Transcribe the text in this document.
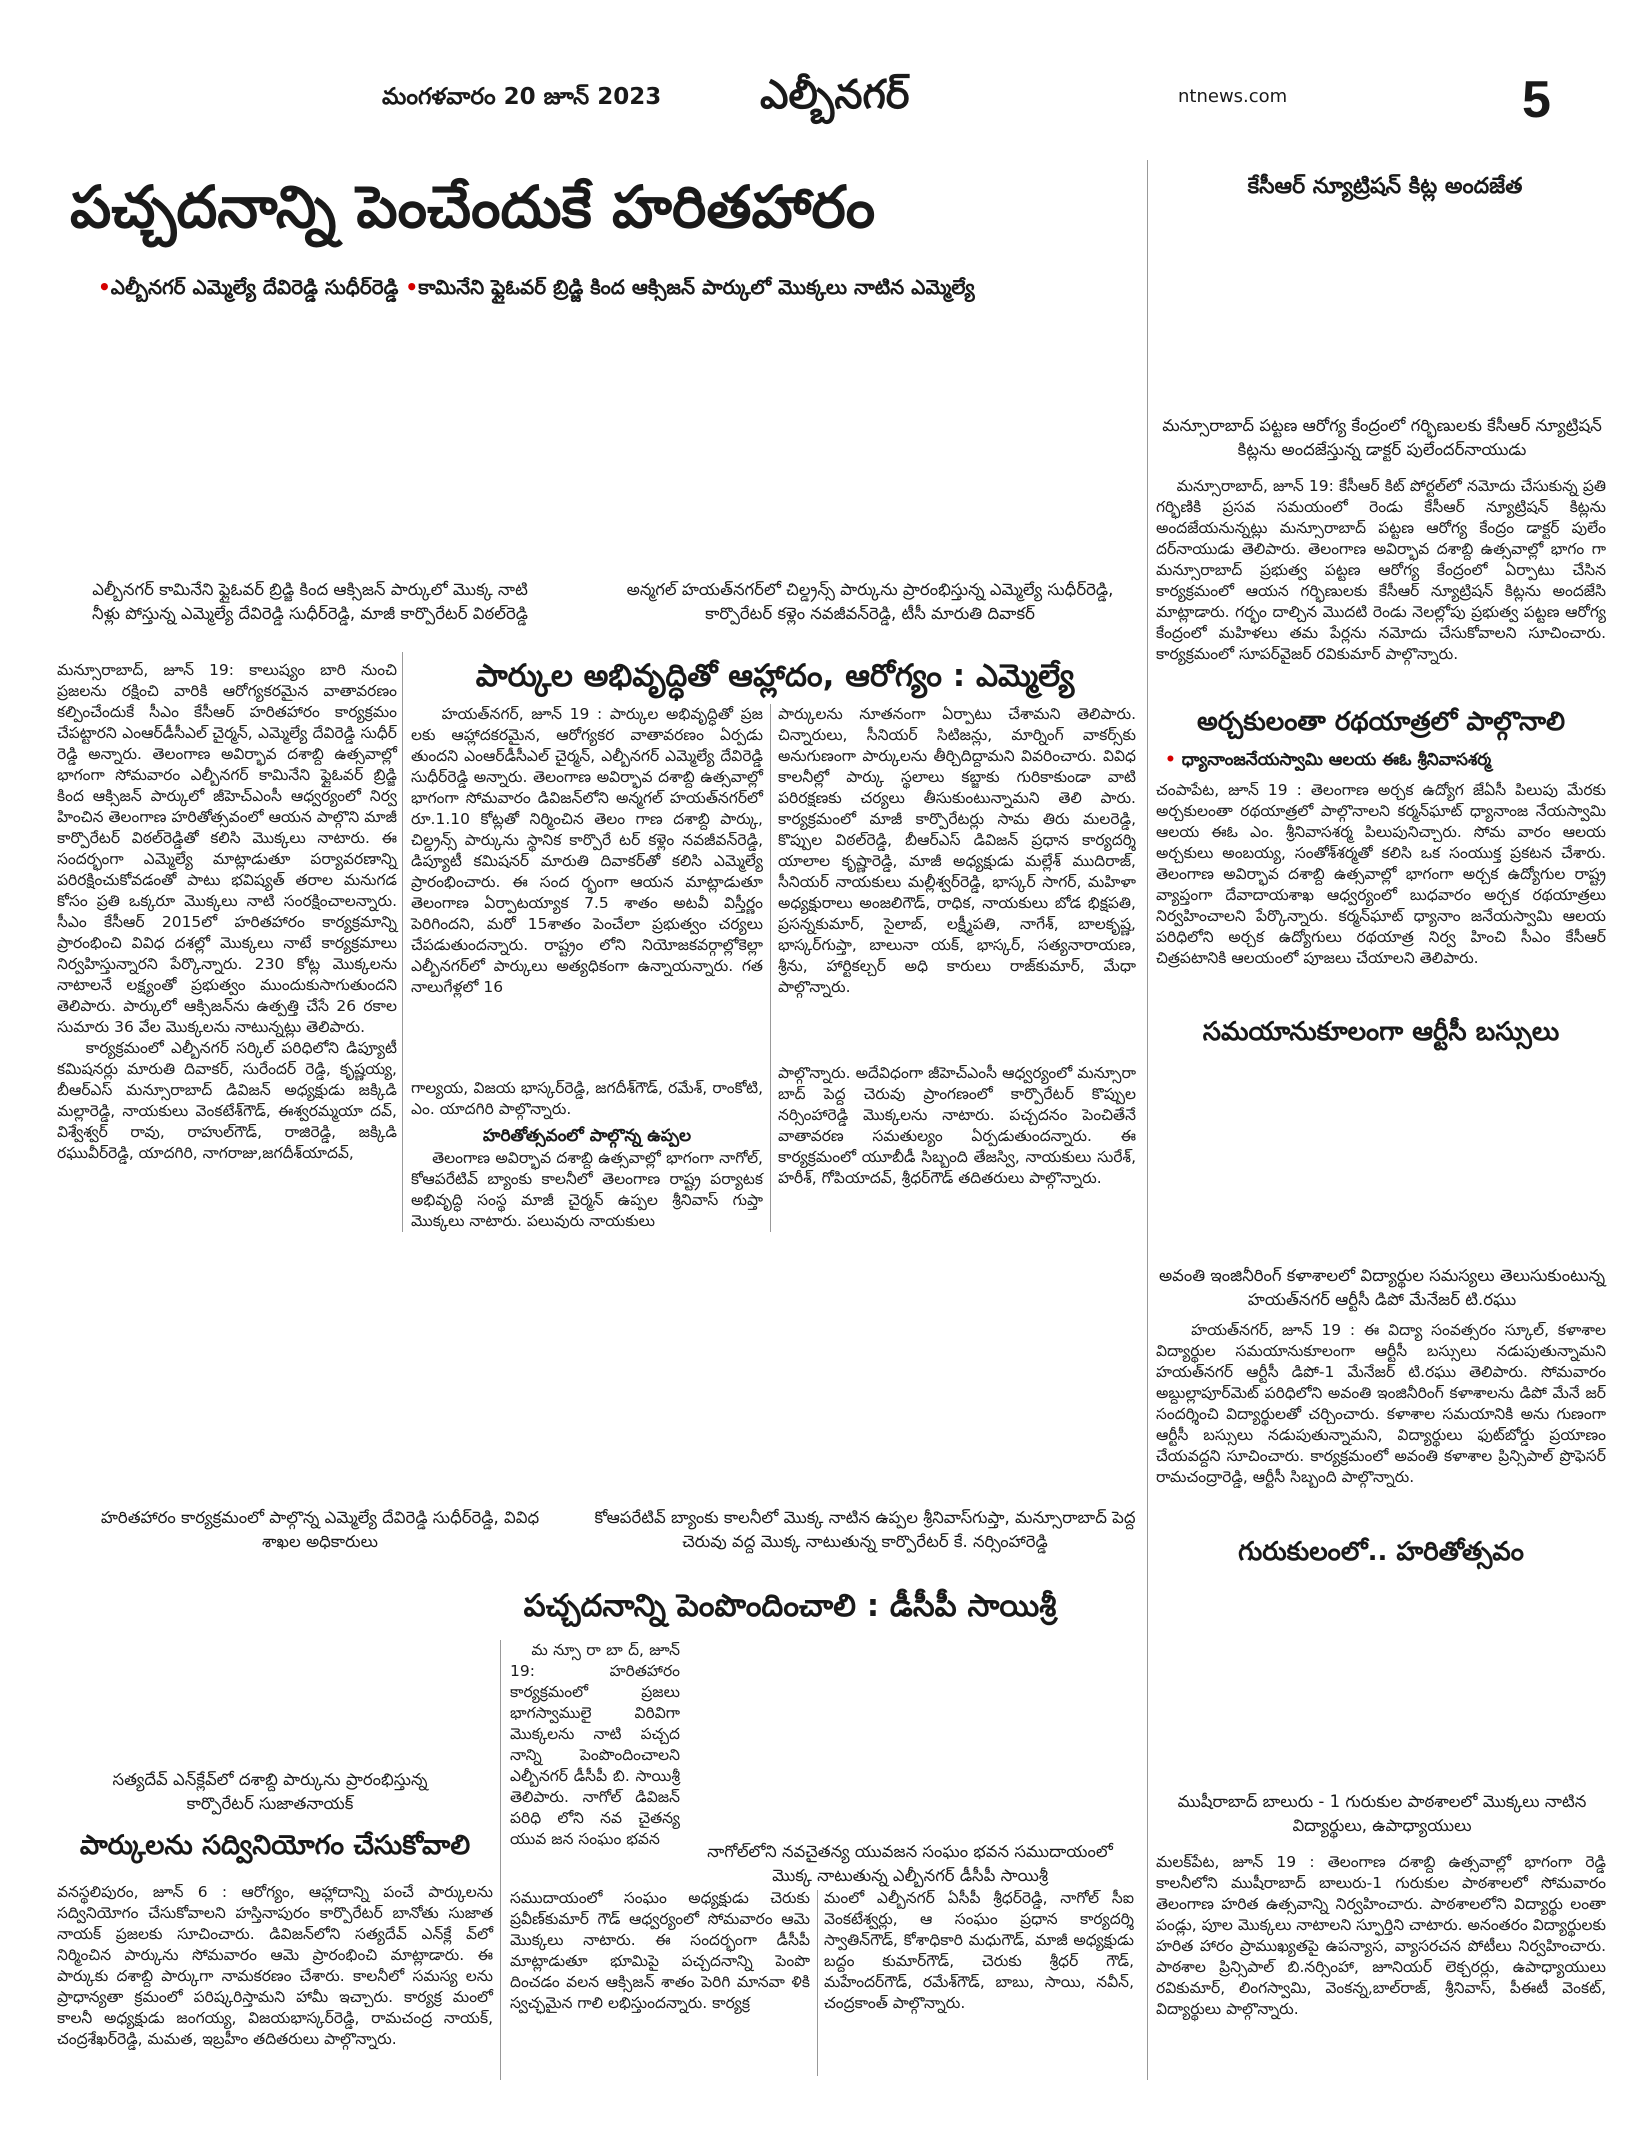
మంగళవారం 20 జూన్ 2023 ఎల్బీనగర్	ntnews.com	5
పచ్చదనాన్ని పెంచేందుకే హరితహారం
•ఎల్బీనగర్ ఎమ్మెల్యే దేవిరెడ్డి సుధీర్‌రెడ్డి •కామినేని ఫ్లైఓవర్ బ్రిడ్జి కింద ఆక్సిజన్ పార్కులో మొక్కలు నాటిన ఎమ్మెల్యే

ఎల్బీనగర్ కామినేని ఫ్లైఓవర్ బ్రిడ్జి కింద ఆక్సిజన్ పార్కులో మొక్క నాటి నీళ్లు పోస్తున్న ఎమ్మెల్యే దేవిరెడ్డి సుధీర్‌రెడ్డి, మాజీ కార్పొరేటర్ విఠల్‌రెడ్డి

అన్మగల్ హయత్‌నగర్‌లో చిల్డ్రన్స్ పార్కును ప్రారంభిస్తున్న ఎమ్మెల్యే సుధీర్‌రెడ్డి, కార్పొరేటర్ కళ్లెం నవజీవన్‌రెడ్డి, టీసీ మారుతి దివాకర్

మన్సూరాబాద్, జూన్ 19: కాలుష్యం బారి నుంచి ప్రజలను రక్షించి వారికి ఆరోగ్యకరమైన వాతావరణం కల్పించేందుకే సీఎం కేసీఆర్ హరితహారం కార్యక్రమం చేపట్టారని ఎంఆర్‌డీసీఎల్ చైర్మన్, ఎమ్మెల్యే దేవిరెడ్డి సుధీర్ రెడ్డి అన్నారు. తెలంగాణ అవిర్భావ దశాబ్ది ఉత్సవాల్లో భాగంగా సోమవారం ఎల్బీనగర్ కామినేని ఫ్లైఓవర్ బ్రిడ్జి కింద ఆక్సిజన్ పార్కులో జీహెచ్ఎంసీ ఆధ్వర్యంలో నిర్వ హించిన తెలంగాణ హరితోత్సవంలో ఆయన పాల్గొని మాజీ కార్పొరేటర్ విఠల్‌రెడ్డితో కలిసి మొక్కలు నాటారు. ఈ సందర్భంగా ఎమ్మెల్యే మాట్లాడుతూ పర్యావరణాన్ని పరిరక్షించుకోవడంతో పాటు భవిష్యత్ తరాల మనుగడ కోసం ప్రతి ఒక్కరూ మొక్కలు నాటి సంరక్షించాలన్నారు. సీఎం కేసీఆర్ 2015లో హరితహారం కార్యక్రమాన్ని ప్రారంభించి వివిధ దశల్లో మొక్కలు నాటే కార్యక్రమాలు నిర్వహిస్తున్నారని పేర్కొన్నారు. 230 కోట్ల మొక్కలను నాటాలనే లక్ష్యంతో ప్రభుత్వం ముందుకుసాగుతుందని తెలిపారు. పార్కులో ఆక్సిజన్‌ను ఉత్పత్తి చేసే 26 రకాల సుమారు 36 వేల మొక్కలను నాటున్నట్లు తెలిపారు.
కార్యక్రమంలో ఎల్బీనగర్ సర్కిల్ పరిధిలోని డిప్యూటీ కమిషనర్లు మారుతి దివాకర్, సురేందర్ రెడ్డి, కృష్ణయ్య, బీఆర్ఎస్ మన్సూరాబాద్ డివిజన్ అధ్యక్షుడు జక్కిడి మల్లారెడ్డి, నాయకులు వెంకటేశ్‌గౌడ్, ఈశ్వరమ్మయా దవ్, విశ్వేశ్వర్ రావు, రాహుల్‌గౌడ్, రాజిరెడ్డి, జక్కిడి రఘువీర్‌రెడ్డి, యాదగిరి, నాగరాజు,జగదీశ్‌యాదవ్,

పార్కుల అభివృద్ధితో ఆహ్లాదం, ఆరోగ్యం : ఎమ్మెల్యే

హయత్‌నగర్, జూన్ 19 : పార్కుల అభివృద్ధితో ప్రజ లకు ఆహ్లాదకరమైన, ఆరోగ్యకర వాతావరణం ఏర్పడు తుందని ఎంఆర్‌డీసీఎల్ చైర్మన్, ఎల్బీనగర్ ఎమ్మెల్యే దేవిరెడ్డి సుధీర్‌రెడ్డి అన్నారు. తెలంగాణ అవిర్భావ దశాబ్ది ఉత్సవాల్లో భాగంగా సోమవారం డివిజన్‌లోని అన్మగల్ హయత్‌నగర్‌లో రూ.1.10 కోట్లతో నిర్మించిన తెలం గాణ దశాబ్ది పార్కు, చిల్డ్రన్స్ పార్కును స్థానిక కార్పొరే టర్ కళ్లెం నవజీవన్‌రెడ్డి, డిప్యూటీ కమిషనర్ మారుతి దివాకర్‌తో కలిసి ఎమ్మెల్యే ప్రారంభించారు. ఈ సంద ర్భంగా ఆయన మాట్లాడుతూ తెలంగాణ ఏర్పాటయ్యాక 7.5 శాతం అటవీ విస్తీర్ణం పెరిగిందని, మరో 15శాతం పెంచేలా ప్రభుత్వం చర్యలు చేపడుతుందన్నారు. రాష్ట్రం లోని నియోజకవర్గాల్లోకెల్లా ఎల్బీనగర్‌లో పార్కులు అత్యధికంగా ఉన్నాయన్నారు. గత నాలుగేళ్లలో 16

గాల్యయ, విజయ భాస్కర్‌రెడ్డి, జగదీశ్‌గౌడ్, రమేశ్, రాంకోటి, ఎం. యాదగిరి పాల్గొన్నారు.

హరితోత్సవంలో పాల్గొన్న ఉప్పల

తెలంగాణ అవిర్భావ దశాబ్ది ఉత్సవాల్లో భాగంగా నాగోల్, కోఆపరేటివ్ బ్యాంకు కాలనీలో తెలంగాణ రాష్ట్ర పర్యాటక అభివృద్ధి సంస్థ మాజీ చైర్మన్ ఉప్పల శ్రీనివాస్ గుప్తా మొక్కలు నాటారు. పలువురు నాయకులు

పార్కులను నూతనంగా ఏర్పాటు చేశామని తెలిపారు. చిన్నారులు, సీనియర్ సిటిజన్లు, మార్నింగ్ వాకర్స్‌కు అనుగుణంగా పార్కులను తీర్చిదిద్దామని వివరించారు. వివిధ కాలనీల్లో పార్కు స్థలాలు కబ్జాకు గురికాకుండా వాటి పరిరక్షణకు చర్యలు తీసుకుంటున్నామని తెలి పారు. కార్యక్రమంలో మాజీ కార్పొరేటర్లు సామ తిరు మలరెడ్డి, కొప్పుల విఠల్‌రెడ్డి, బీఆర్ఎస్ డివిజన్ ప్రధాన కార్యదర్శి యాలాల కృష్ణారెడ్డి, మాజీ అధ్యక్షుడు మల్లేశ్ ముదిరాజ్, సీనియర్ నాయకులు మల్లీశ్వర్‌రెడ్డి, భాస్కర్ సాగర్, మహిళా అధ్యక్షురాలు అంజలిగౌడ్, రాధిక, నాయకులు బోడ భిక్షపతి, ప్రసన్నకుమార్, సైలాబ్, లక్ష్మీపతి, నాగేశ్, బాలకృష్ణ, భాస్కర్‌గుప్తా, బాలునా యక్, భాస్కర్, సత్యనారాయణ, శ్రీను, హార్టికల్చర్ అధి కారులు రాజ్‌కుమార్, మేధా పాల్గొన్నారు.

పాల్గొన్నారు. అదేవిధంగా జీహెచ్ఎంసీ ఆధ్వర్యంలో మన్సూరా బాద్ పెద్ద చెరువు ప్రాంగణంలో కార్పొరేటర్ కొప్పుల నర్సింహారెడ్డి మొక్కలను నాటారు. పచ్చదనం పెంచితేనే వాతావరణ సమతుల్యం ఏర్పడుతుందన్నారు. ఈ కార్యక్రమంలో యూబీడీ సిబ్బంది తేజస్వి, నాయకులు సురేశ్, హరీశ్, గోపియాదవ్, శ్రీధర్‌గౌడ్ తదితరులు పాల్గొన్నారు.

హరితహారం కార్యక్రమంలో పాల్గొన్న ఎమ్మెల్యే దేవిరెడ్డి సుధీర్‌రెడ్డి, వివిధ శాఖల అధికారులు

కోఆపరేటివ్ బ్యాంకు కాలనీలో మొక్క నాటిన ఉప్పల శ్రీనివాస్‌గుప్తా, మన్సూరాబాద్ పెద్ద చెరువు వద్ద మొక్క నాటుతున్న కార్పొరేటర్ కే. నర్సింహారెడ్డి

పచ్చదనాన్ని పెంపొందించాలి : డీసీపీ సాయిశ్రీ

మ న్సూ రా బా ద్, జూన్ 19: హరితహారం కార్యక్రమంలో ప్రజలు భాగస్వాములై విరివిగా మొక్కలను నాటి పచ్చద నాన్ని పెంపొందించాలని ఎల్బీనగర్ డీసీపీ బి. సాయిశ్రీ తెలిపారు. నాగోల్ డివిజన్ పరిధి లోని నవ చైతన్య యువ జన సంఘం భవన

నాగోల్‌లోని నవచైతన్య యువజన సంఘం భవన సముదాయంలో మొక్క నాటుతున్న ఎల్బీనగర్ డీసీపీ సాయిశ్రీ

సముదాయంలో సంఘం అధ్యక్షుడు చెరుకు ప్రవీణ్‌కుమార్ గౌడ్ ఆధ్వర్యంలో సోమవారం ఆమె మొక్కలు నాటారు. ఈ సందర్భంగా డీసీపీ మాట్లాడుతూ భూమిపై పచ్చదనాన్ని పెంపొ దించడం వలన ఆక్సిజన్ శాతం పెరిగి మానవా ళికి స్వచ్ఛమైన గాలి లభిస్తుందన్నారు. కార్యక్ర

మంలో ఎల్బీనగర్ ఏసీపీ శ్రీధర్‌రెడ్డి, నాగోల్ సీఐ వెంకటేశ్వర్లు, ఆ సంఘం ప్రధాన కార్యదర్శి స్వాతిన్‌గౌడ్, కోశాధికారి మధుగౌడ్, మాజీ అధ్యక్షుడు బద్దం కుమార్‌గౌడ్, చెరుకు శ్రీధర్ గౌడ్, మహేందర్‌గౌడ్, రమేశ్‌గౌడ్, బాబు, సాయి, నవీన్, చంద్రకాంత్ పాల్గొన్నారు.

సత్యదేవ్ ఎన్‌క్లేవ్‌లో దశాబ్ది పార్కును ప్రారంభిస్తున్న కార్పొరేటర్ సుజాతనాయక్

పార్కులను సద్వినియోగం చేసుకోవాలి

వనస్థలిపురం, జూన్ 6 : ఆరోగ్యం, ఆహ్లాదాన్ని పంచే పార్కులను సద్వినియోగం చేసుకోవాలని హస్తినాపురం కార్పొరేటర్ బానోతు సుజాత నాయక్ ప్రజలకు సూచించారు. డివిజన్‌లోని సత్యదేవ్ ఎన్‌క్లే వ్‌లో నిర్మించిన పార్కును సోమవారం ఆమె ప్రారంభించి మాట్లాడారు. ఈ పార్కుకు దశాబ్ది పార్కుగా నామకరణం చేశారు. కాలనీలో సమస్య లను ప్రాధాన్యతా క్రమంలో పరిష్కరిస్తామని హామీ ఇచ్చారు. కార్యక్ర మంలో కాలనీ అధ్యక్షుడు జంగయ్య, విజయభాస్కర్‌రెడ్డి, రామచంద్ర నాయక్, చంద్రశేఖర్‌రెడ్డి, మమత, ఇబ్రహీం తదితరులు పాల్గొన్నారు.

కేసీఆర్ న్యూట్రిషన్ కిట్ల అందజేత

మన్సూరాబాద్ పట్టణ ఆరోగ్య కేంద్రంలో గర్భిణులకు కేసీఆర్ న్యూట్రిషన్ కిట్లను అందజేస్తున్న డాక్టర్ పులేందర్‌నాయుడు

మన్సూరాబాద్, జూన్ 19: కేసీఆర్ కిట్ పోర్టల్‌లో నమోదు చేసుకున్న ప్రతి గర్భిణికి ప్రసవ సమయంలో రెండు కేసీఆర్ న్యూట్రిషన్ కిట్లను అందజేయనున్నట్లు మన్సూరాబాద్ పట్టణ ఆరోగ్య కేంద్రం డాక్టర్ పులేం దర్‌నాయుడు తెలిపారు. తెలంగాణ అవిర్భావ దశాబ్ది ఉత్సవాల్లో భాగం గా మన్సూరాబాద్ ప్రభుత్వ పట్టణ ఆరోగ్య కేంద్రంలో ఏర్పాటు చేసిన కార్యక్రమంలో ఆయన గర్భిణులకు కేసీఆర్ న్యూట్రిషన్ కిట్లను అందజేసి మాట్లాడారు. గర్భం దాల్చిన మొదటి రెండు నెలల్లోపు ప్రభుత్వ పట్టణ ఆరోగ్య కేంద్రంలో మహిళలు తమ పేర్లను నమోదు చేసుకోవాలని సూచించారు. కార్యక్రమంలో సూపర్‌వైజర్ రవికుమార్ పాల్గొన్నారు.

అర్చకులంతా రథయాత్రలో పాల్గొనాలి
• ధ్యానాంజనేయస్వామి ఆలయ ఈఓ శ్రీనివాసశర్మ

చంపాపేట, జూన్ 19 : తెలంగాణ అర్చక ఉద్యోగ జేఏసీ పిలుపు మేరకు అర్చకులంతా రథయాత్రలో పాల్గొనాలని కర్మన్‌ఘాట్ ధ్యానాంజ నేయస్వామి ఆలయ ఈఓ ఎం. శ్రీనివాసశర్మ పిలుపునిచ్చారు. సోమ వారం ఆలయ అర్చకులు అంబయ్య, సంతోశ్‌శర్మతో కలిసి ఒక సంయుక్త ప్రకటన చేశారు. తెలంగాణ అవిర్భావ దశాబ్ది ఉత్సవాల్లో భాగంగా అర్చక ఉద్యోగుల రాష్ట్ర వ్యాప్తంగా దేవాదాయశాఖ ఆధ్వర్యంలో బుధవారం అర్చక రథయాత్రలు నిర్వహించాలని పేర్కొన్నారు. కర్మన్‌ఘాట్ ధ్యానాం జనేయస్వామి ఆలయ పరిధిలోని అర్చక ఉద్యోగులు రథయాత్ర నిర్వ హించి సీఎం కేసీఆర్ చిత్రపటానికి ఆలయంలో పూజలు చేయాలని తెలిపారు.

సమయానుకూలంగా ఆర్టీసీ బస్సులు

అవంతి ఇంజినీరింగ్ కళాశాలలో విద్యార్థుల సమస్యలు తెలుసుకుంటున్న హయత్‌నగర్ ఆర్టీసీ డిపో మేనేజర్ టి.రఘు

హయత్‌నగర్, జూన్ 19 : ఈ విద్యా సంవత్సరం స్కూల్, కళాశాల విద్యార్థుల సమయానుకూలంగా ఆర్టీసీ బస్సులు నడుపుతున్నామని హయత్‌నగర్ ఆర్టీసీ డిపో-1 మేనేజర్ టి.రఘు తెలిపారు. సోమవారం అబ్దుల్లాపూర్‌మెట్ పరిధిలోని అవంతి ఇంజినీరింగ్ కళాశాలను డిపో మేనే జర్ సందర్శించి విద్యార్థులతో చర్చించారు. కళాశాల సమయానికి అను గుణంగా ఆర్టీసీ బస్సులు నడుపుతున్నామని, విద్యార్థులు ఫుట్‌బోర్డు ప్రయాణం చేయవద్దని సూచించారు. కార్యక్రమంలో అవంతి కళాశాల ప్రిన్సిపాల్ ప్రొఫెసర్ రామచంద్రారెడ్డి, ఆర్టీసీ సిబ్బంది పాల్గొన్నారు.

గురుకులంలో.. హరితోత్సవం

ముషీరాబాద్ బాలురు - 1 గురుకుల పాఠశాలలో మొక్కలు నాటిన విద్యార్థులు, ఉపాధ్యాయులు

మలక్‌పేట, జూన్ 19 : తెలంగాణ దశాబ్ది ఉత్సవాల్లో భాగంగా రెడ్డి కాలనీలోని ముషీరాబాద్ బాలురు-1 గురుకుల పాఠశాలలో సోమవారం తెలంగాణ హరిత ఉత్సవాన్ని నిర్వహించారు. పాఠశాలలోని విద్యార్థు లంతా పండ్లు, పూల మొక్కలు నాటాలని స్ఫూర్తిని చాటారు. అనంతరం విద్యార్థులకు హరిత హారం ప్రాముఖ్యతపై ఉపన్యాస, వ్యాసరచన పోటీలు నిర్వహించారు. పాఠశాల ప్రిన్సిపాల్ బి.నర్సింహా, జూనియర్ లెక్చరర్లు, ఉపాధ్యాయులు రవికుమార్, లింగస్వామి, వెంకన్న,బాల్‌రాజ్, శ్రీనివాస్, పీఈటీ వెంకట్, విద్యార్థులు పాల్గొన్నారు.
